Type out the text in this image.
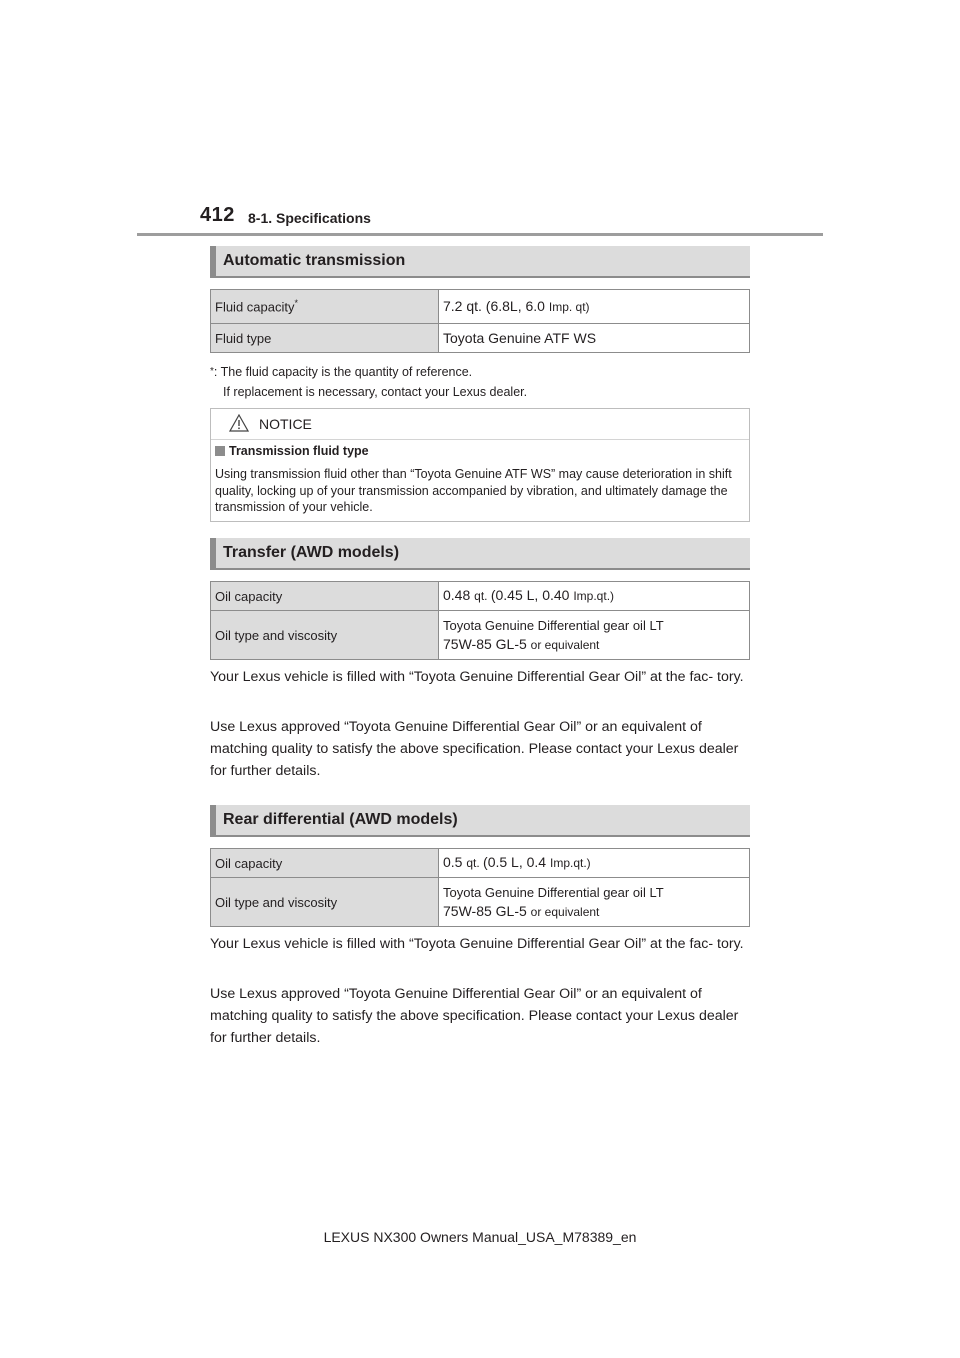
412 8-1. Specifications
Automatic transmission
Fluid capacity*	7.2 qt. (6.8L, 6.0 Imp. qt)
Fluid type	Toyota Genuine ATF WS
*: The fluid capacity is the quantity of reference.
If replacement is necessary, contact your Lexus dealer.
NOTICE
Transmission fluid type
Using transmission fluid other than “Toyota Genuine ATF WS” may cause deterioration in shift quality, locking up of your transmission accompanied by vibration, and ultimately damage the transmission of your vehicle.
Transfer (AWD models)
Oil capacity	0.48 qt. (0.45 L, 0.40 Imp.qt.)
Oil type and viscosity	Toyota Genuine Differential gear oil LT
75W-85 GL-5 or equivalent
Your Lexus vehicle is filled with “Toyota Genuine Differential Gear Oil” at the fac- tory.
Use Lexus approved “Toyota Genuine Differential Gear Oil” or an equivalent of matching quality to satisfy the above specification. Please contact your Lexus dealer for further details.
Rear differential (AWD models)
Oil capacity	0.5 qt. (0.5 L, 0.4 Imp.qt.)
Oil type and viscosity	Toyota Genuine Differential gear oil LT
75W-85 GL-5 or equivalent
Your Lexus vehicle is filled with “Toyota Genuine Differential Gear Oil” at the fac- tory.
Use Lexus approved “Toyota Genuine Differential Gear Oil” or an equivalent of matching quality to satisfy the above specification. Please contact your Lexus dealer for further details.
LEXUS NX300 Owners Manual_USA_M78389_en
